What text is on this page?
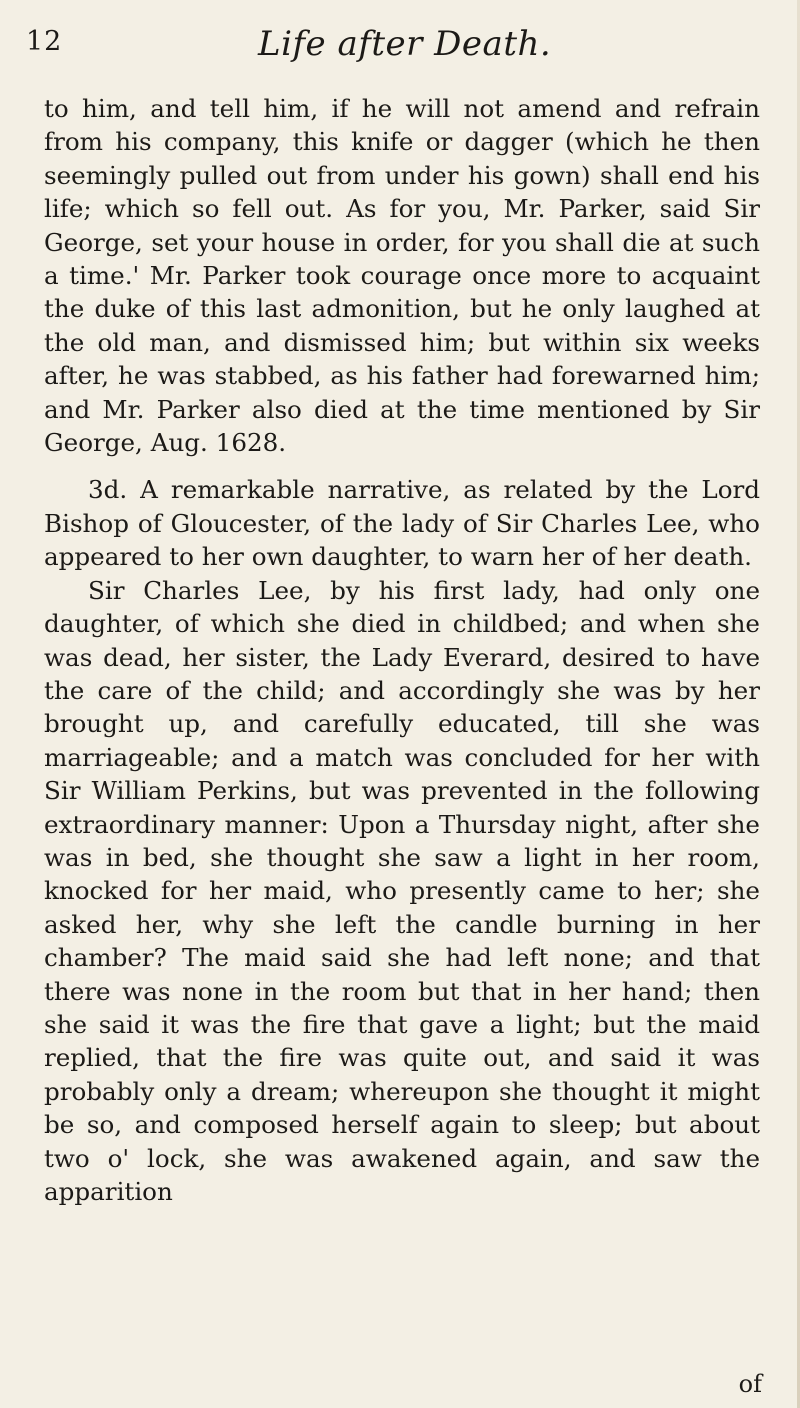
12	Life after Death.

to him, and tell him, if he will not amend and refrain from his company, this knife or dagger (which he then seemingly pulled out from under his gown) shall end his life; which so fell out. As for you, Mr. Parker, said Sir George, set your house in order, for you shall die at such a time.' Mr. Parker took courage once more to acquaint the duke of this last admonition, but he only laughed at the old man, and dismissed him; but within six weeks after, he was stabbed, as his father had forewarned him; and Mr. Parker also died at the time mentioned by Sir George, Aug. 1628.

3d. A remarkable narrative, as related by the Lord Bishop of Gloucester, of the lady of Sir Charles Lee, who appeared to her own daughter, to warn her of her death.

Sir Charles Lee, by his first lady, had only one daughter, of which she died in childbed; and when she was dead, her sister, the Lady Everard, desired to have the care of the child; and accordingly she was by her brought up, and carefully educated, till she was marriageable; and a match was concluded for her with Sir William Perkins, but was prevented in the following extraordinary manner: Upon a Thursday night, after she was in bed, she thought she saw a light in her room, knocked for her maid, who presently came to her; she asked her, why she left the candle burning in her chamber? The maid said she had left none; and that there was none in the room but that in her hand; then she said it was the fire that gave a light; but the maid replied, that the fire was quite out, and said it was probably only a dream; whereupon she thought it might be so, and composed herself again to sleep; but about two o' lock, she was awakened again, and saw the apparition

of
